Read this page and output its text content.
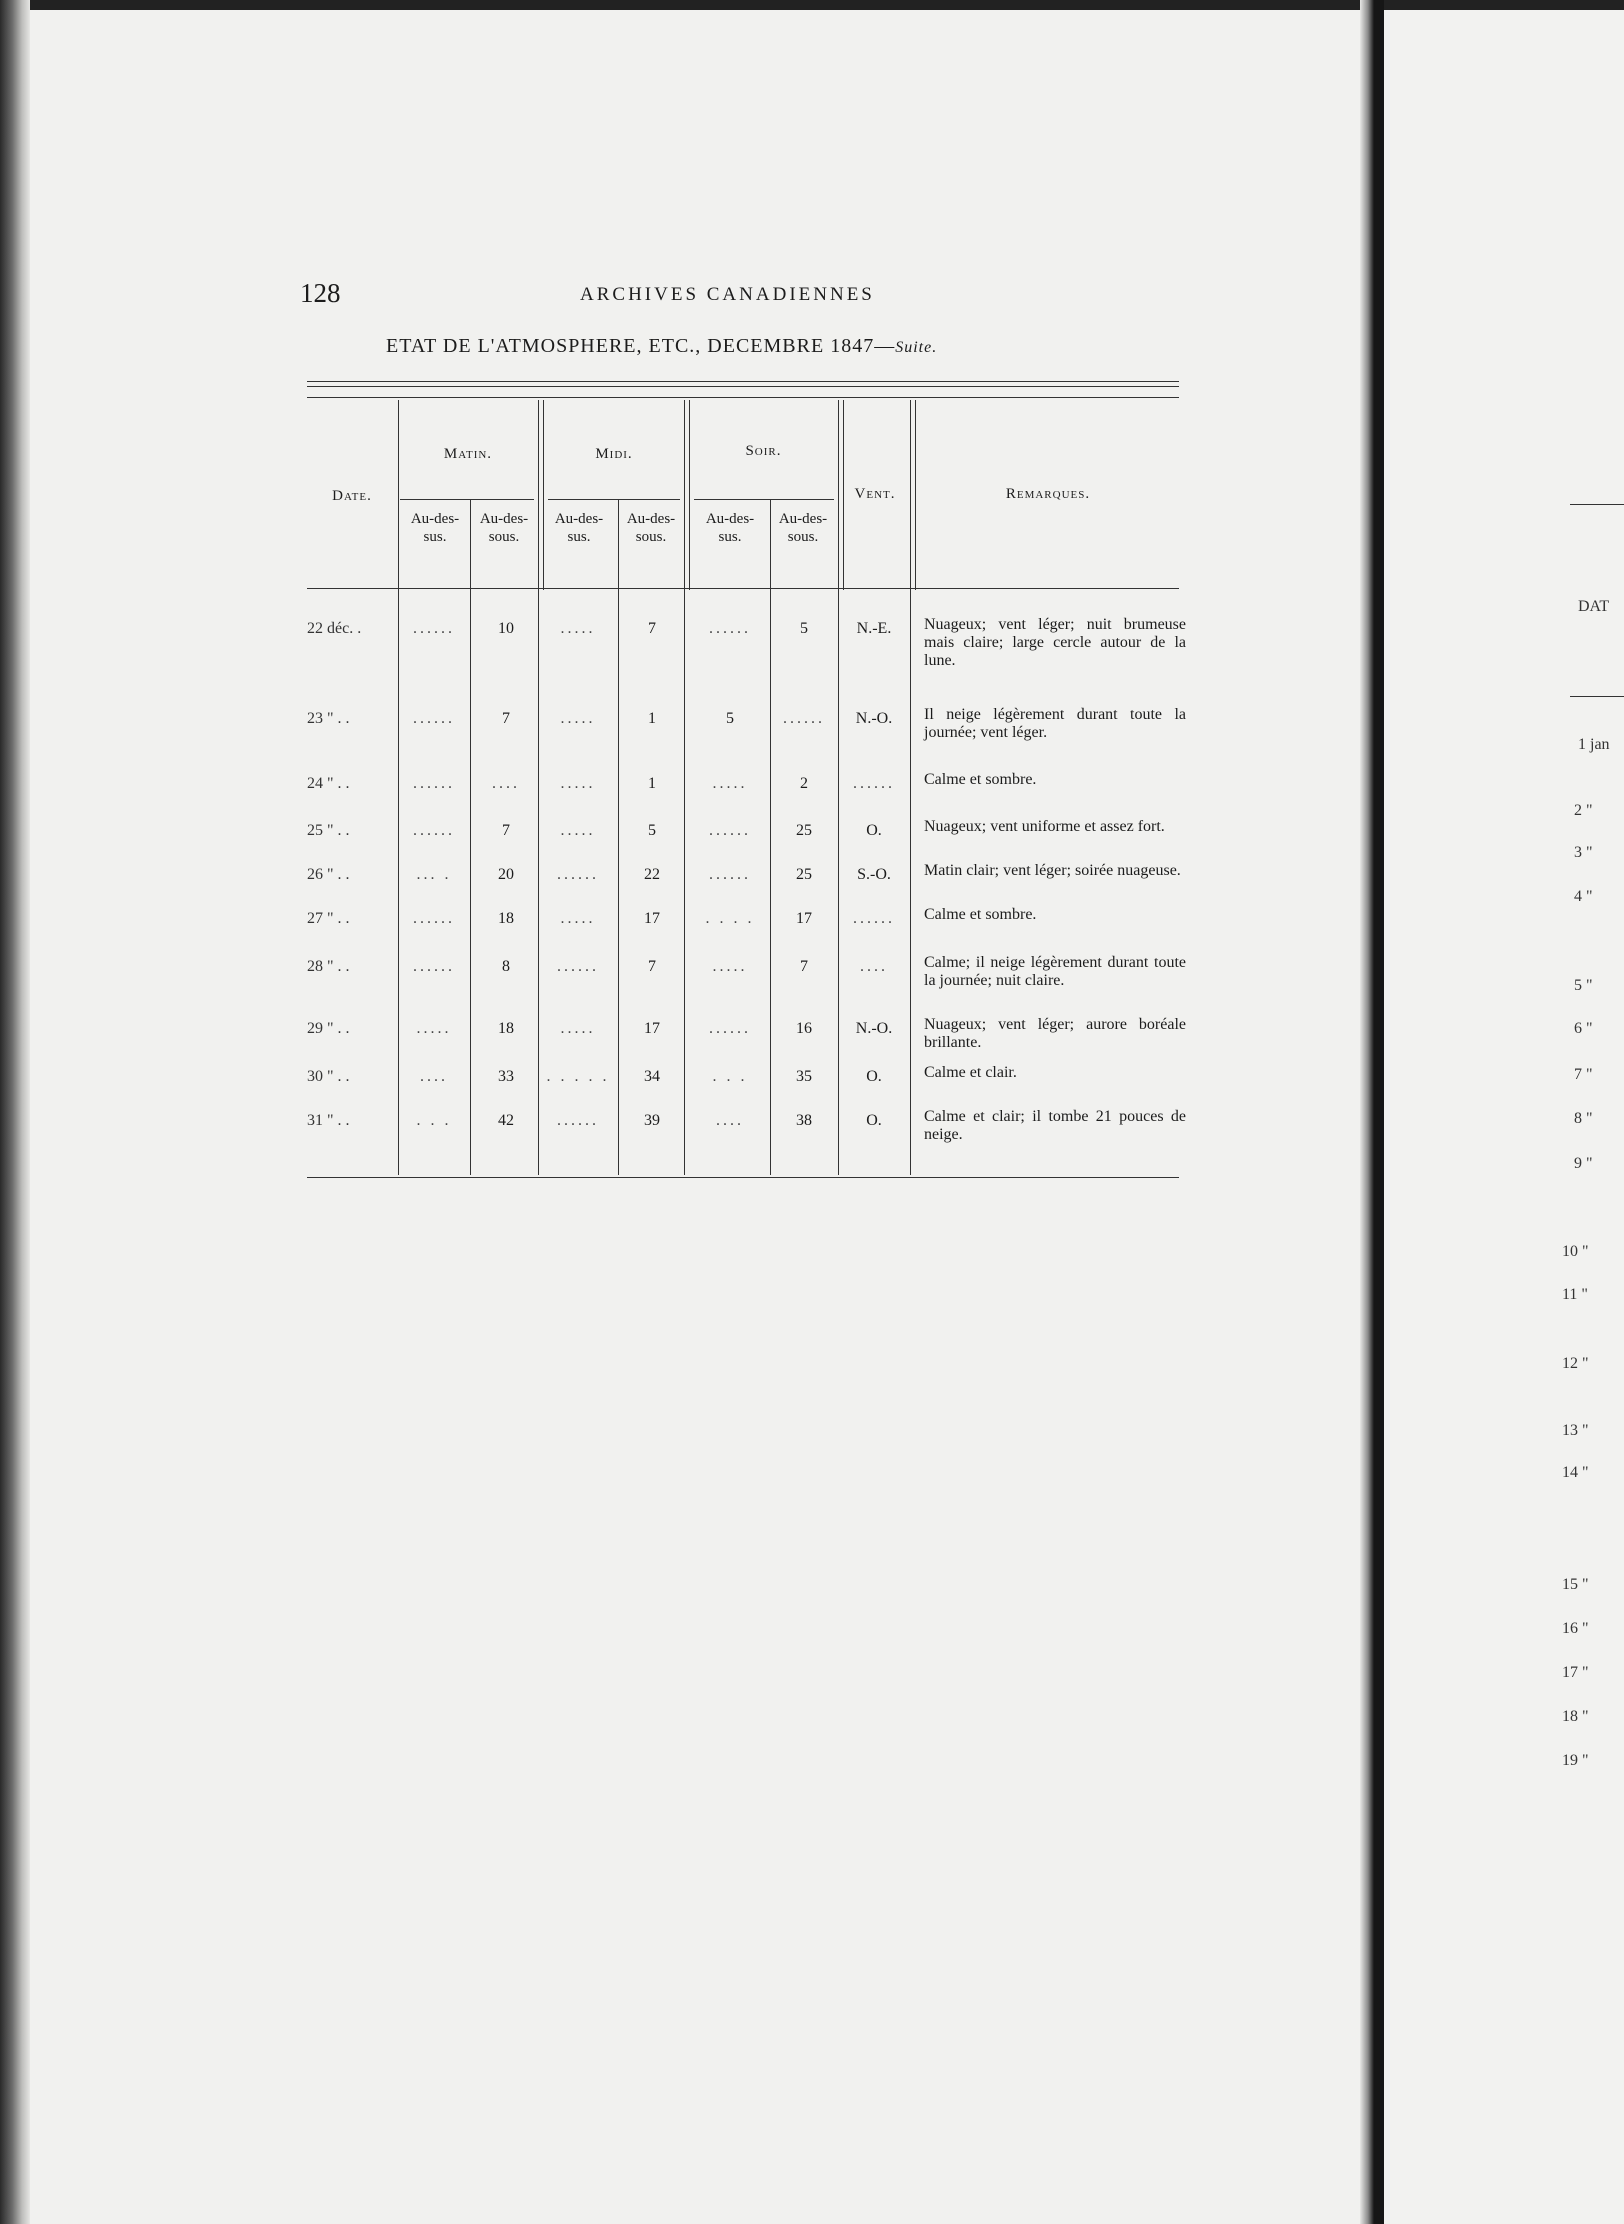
128	ARCHIVES CANADIENNES
ETAT DE L'ATMOSPHERE, ETC., DECEMBRE 1847—Suite.
Date.
Matin.	Midi.	Soir.
Vent.	Remarques.
Au-des-sus.
Au-des-sous.
Au-des-sus.
Au-des-sous.
Au-des-sus.
Au-des-sous.
22 déc. .	......	10	.....	7	......	5	N.-E.	Nuageux; vent léger; nuit brumeuse mais claire; large cercle autour de la lune.
23 " . .	......	7	.....	1	5	......	N.-O.	Il neige légèrement durant toute la journée; vent léger.
24 " . .	......	....	.....	1	.....	2	......	Calme et sombre.
25 " . .	......	7	.....	5	......	25	O.	Nuageux; vent uniforme et assez fort.
26 " . .	... .	20	......	22	......	25	S.-O.	Matin clair; vent léger; soirée nuageuse.
27 " . .	......	18	.....	17	. . . .	17	......	Calme et sombre.
28 " . .	......	8	......	7	.....	7	....	Calme; il neige légèrement durant toute la journée; nuit claire.
29 " . .	.....	18	.....	17	......	16	N.-O.	Nuageux; vent léger; aurore boréale brillante.
30 " . .	....	33	. . . . .	34	. . .	35	O.	Calme et clair.
31 " . .	. . .	42	......	39	....	38	O.	Calme et clair; il tombe 21 pouces de neige.
DAT
1 jan
2 "
3 "
4 "
5 "
6 "
7 "
8 "
9 "
10 "
11 "
12 "
13 "
14 "
15 "
16 "
17 "
18 "
19 "
